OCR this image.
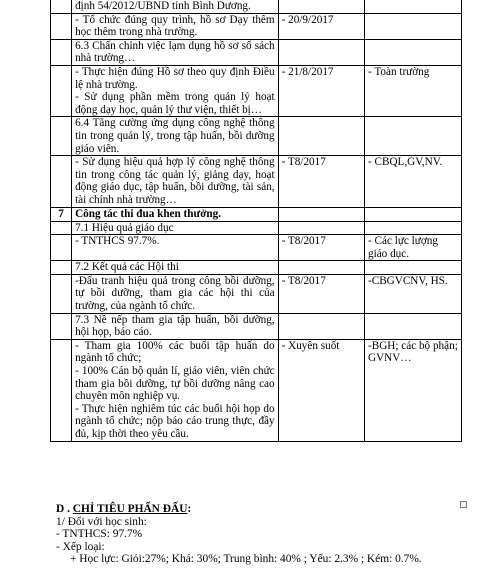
	định 54/2012/UBND tỉnh Bình Dương.		
	- Tổ chức đúng quy trình, hồ sơ Dạy thêm học thêm trong nhà trường.	- 20/9/2017	
	6.3 Chấn chỉnh việc lạm dụng hồ sơ sổ sách nhà trường…		

	- Thực hiện đúng Hồ sơ theo quy định Điều lệ nhà trường.
- Sử dụng phần mềm trong quản lý hoạt động dạy học, quản lý thư viện, thiết bị…	- 21/8/2017	- Toàn trường
	6.4 Tăng cường ứng dụng công nghệ thông tin trong quản lý, trong tập huấn, bồi dưỡng giáo viên.		
	- Sử dụng hiệu quả hợp lý công nghệ thông tin trong công tác quản lý, giảng dạy, hoạt động giáo dục, tập huấn, bồi dưỡng, tài sản, tài chính nhà trường…	- T8/2017	- CBQL,GV,NV.
7	Công tác thi đua khen thưởng.		
	7.1 Hiệu quả giáo dục		
	- TNTHCS 97.7%.	- T8/2017	- Các lực lượng giáo dục.
	7.2 Kết quả các Hội thi		
	-Đấu tranh hiệu quả trong công bồi dưỡng, tự bồi dưỡng, tham gia các hội thi của trường, của ngành tổ chức.	- T8/2017	-CBGVCNV, HS.
	7.3 Nề nếp tham gia tập huấn, bồi dưỡng, hội họp, báo cáo.		

	- Tham gia 100% các buổi tập huấn do ngành tổ chức;
- 100% Cán bộ quản lí, giáo viên, viên chức tham gia bồi dưỡng, tự bồi dưỡng nâng cao chuyên môn nghiệp vụ.
- Thực hiện nghiêm túc các buổi hội họp do ngành tổ chức; nộp báo cáo trung thực, đầy đủ, kịp thời theo yêu cầu.	- Xuyên suốt	-BGH; các bộ phận; GVNV…
D . CHỈ TIÊU PHẤN ĐẤU:
1/ Đối với học sinh:
- TNTHCS: 97.7%
- Xếp loại:
+ Học lực: Giỏi:27%; Khá: 30%; Trung bình: 40% ; Yếu: 2.3% ; Kém: 0.7%.
